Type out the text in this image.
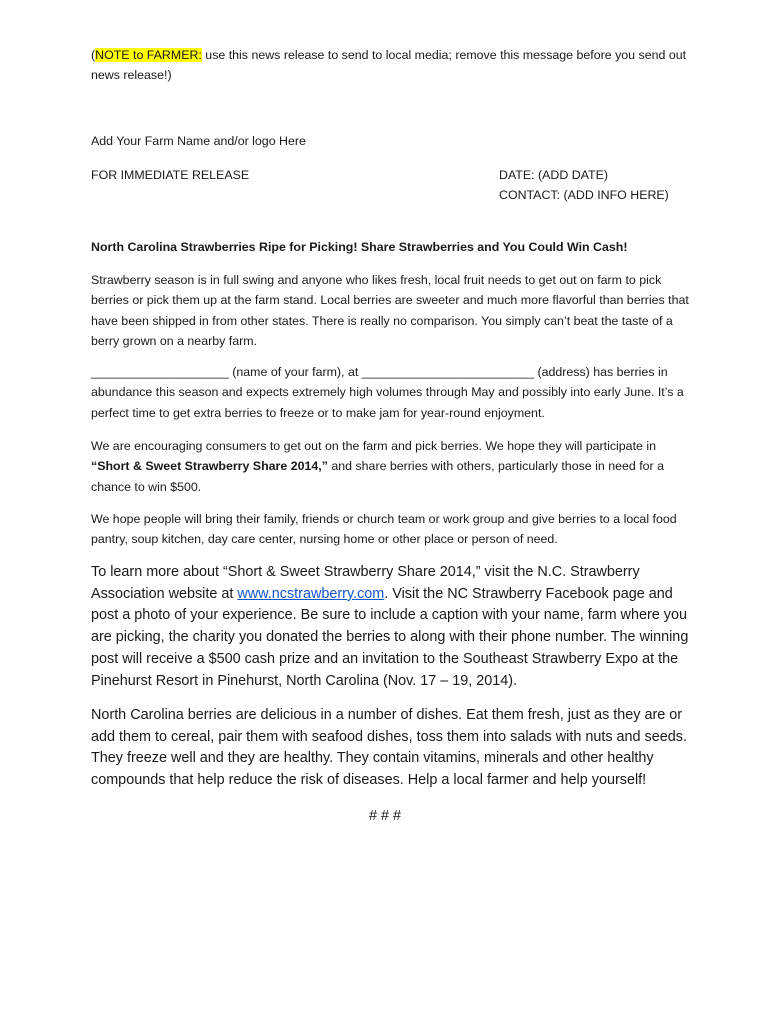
(NOTE to FARMER: use this news release to send to local media; remove this message before you send out news release!)
Add Your Farm Name and/or logo Here
FOR IMMEDIATE RELEASE	DATE: (ADD DATE)
CONTACT: (ADD INFO HERE)
North Carolina Strawberries Ripe for Picking! Share Strawberries and You Could Win Cash!
Strawberry season is in full swing and anyone who likes fresh, local fruit needs to get out on farm to pick berries or pick them up at the farm stand. Local berries are sweeter and much more flavorful than berries that have been shipped in from other states. There is really no comparison. You simply can’t beat the taste of a berry grown on a nearby farm.
____________________ (name of your farm), at _________________________ (address) has berries in abundance this season and expects extremely high volumes through May and possibly into early June. It’s a perfect time to get extra berries to freeze or to make jam for year-round enjoyment.
We are encouraging consumers to get out on the farm and pick berries. We hope they will participate in “Short & Sweet Strawberry Share 2014,” and share berries with others, particularly those in need for a chance to win $500.
We hope people will bring their family, friends or church team or work group and give berries to a local food pantry, soup kitchen, day care center, nursing home or other place or person of need.
To learn more about “Short & Sweet Strawberry Share 2014,” visit the N.C. Strawberry Association website at www.ncstrawberry.com. Visit the NC Strawberry Facebook page and post a photo of your experience. Be sure to include a caption with your name, farm where you are picking, the charity you donated the berries to along with their phone number. The winning post will receive a $500 cash prize and an invitation to the Southeast Strawberry Expo at the Pinehurst Resort in Pinehurst, North Carolina (Nov. 17 – 19, 2014).
North Carolina berries are delicious in a number of dishes. Eat them fresh, just as they are or add them to cereal, pair them with seafood dishes, toss them into salads with nuts and seeds. They freeze well and they are healthy. They contain vitamins, minerals and other healthy compounds that help reduce the risk of diseases. Help a local farmer and help yourself!
# # #
